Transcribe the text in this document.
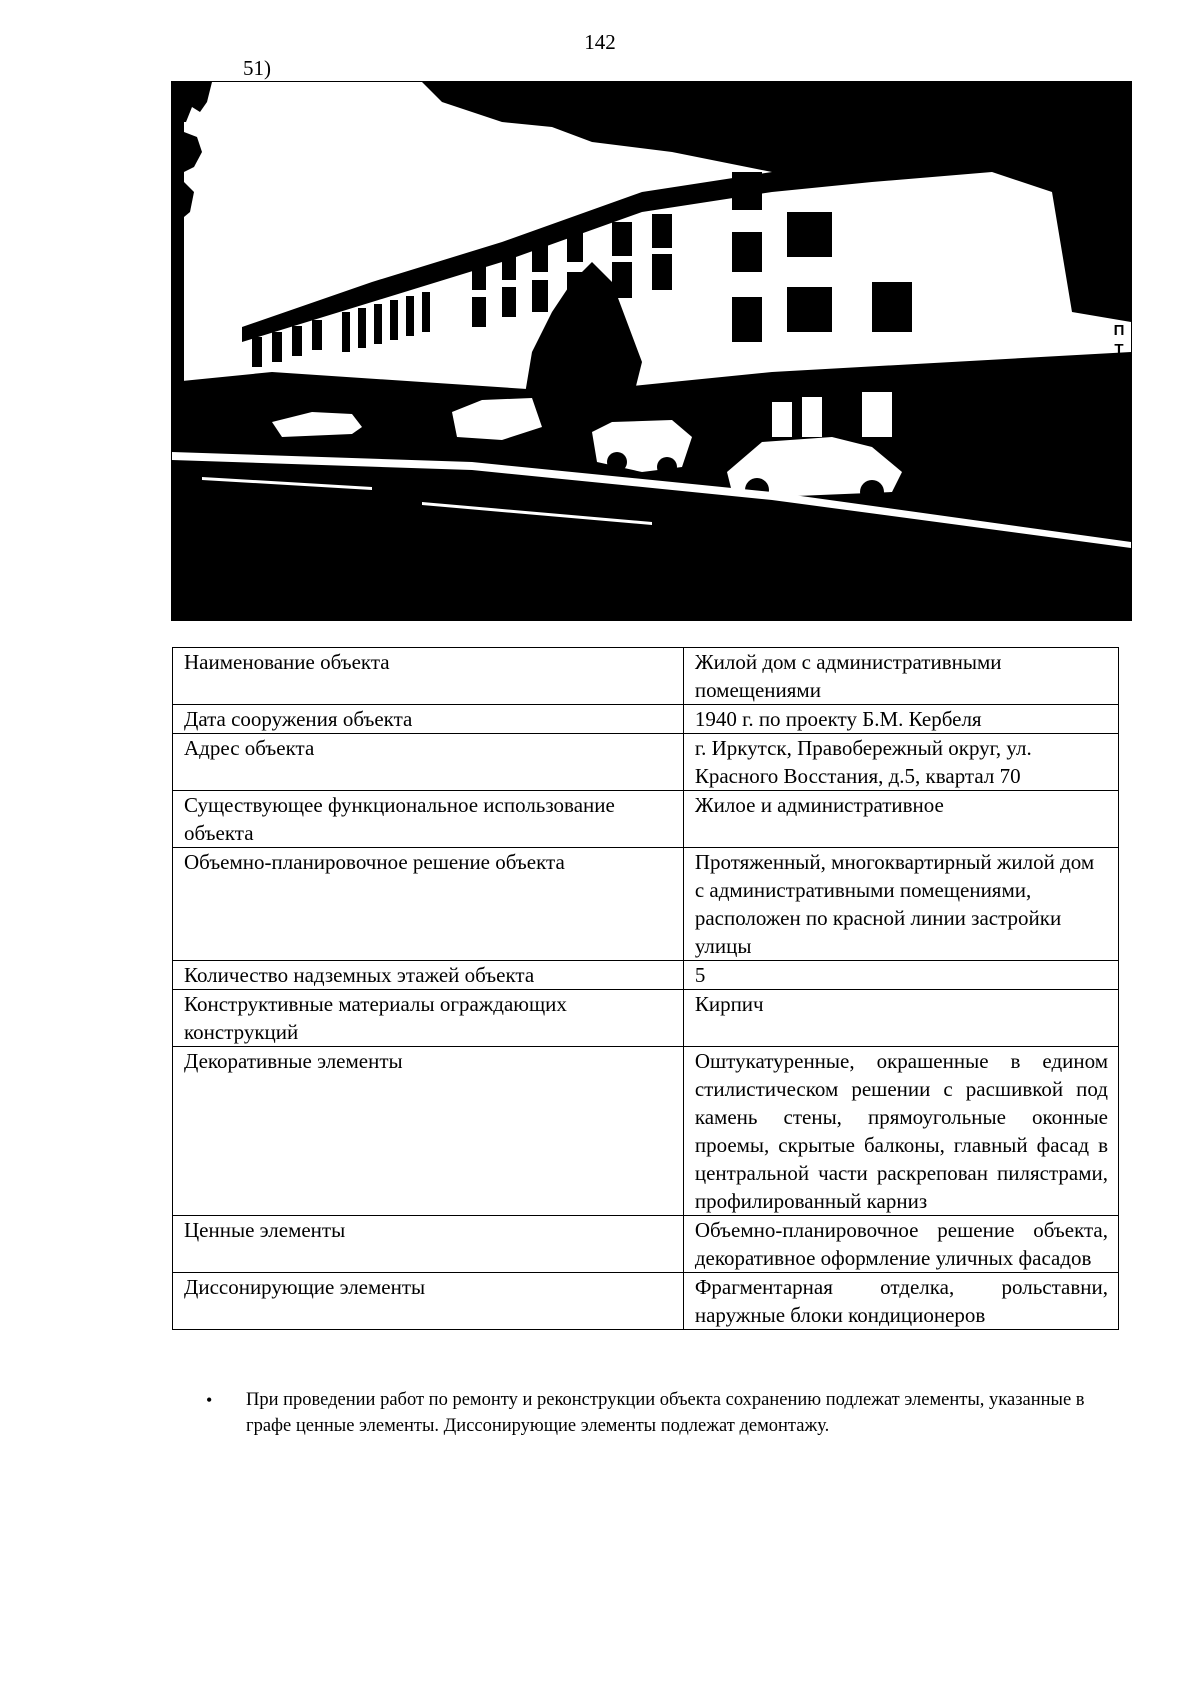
142
51)
А
П
Т
Е
К
А
Наименование объекта	Жилой дом с административными помещениями
Дата сооружения объекта	1940 г. по проекту Б.М. Кербеля
Адрес объекта	г. Иркутск, Правобережный округ, ул. Красного Восстания, д.5, квартал 70
Существующее функциональное использование объекта	Жилое и административное
Объемно-планировочное решение объекта	Протяженный, многоквартирный жилой дом с административными помещениями, расположен по красной линии застройки улицы
Количество надземных этажей объекта	5
Конструктивные материалы ограждающих конструкций	Кирпич
Декоративные элементы	Оштукатуренные, окрашенные в едином стилистическом решении с расшивкой под камень стены, прямоугольные оконные проемы, скрытые балконы, главный фасад в центральной части раскрепован пилястрами, профилированный карниз
Ценные элементы	Объемно-планировочное решение объекта, декоративное оформление уличных фасадов
Диссонирующие элементы	Фрагментарная отделка, рольставни, наружные блоки кондиционеров
• При проведении работ по ремонту и реконструкции объекта сохранению подлежат элементы, указанные в графе ценные элементы. Диссонирующие элементы подлежат демонтажу.
